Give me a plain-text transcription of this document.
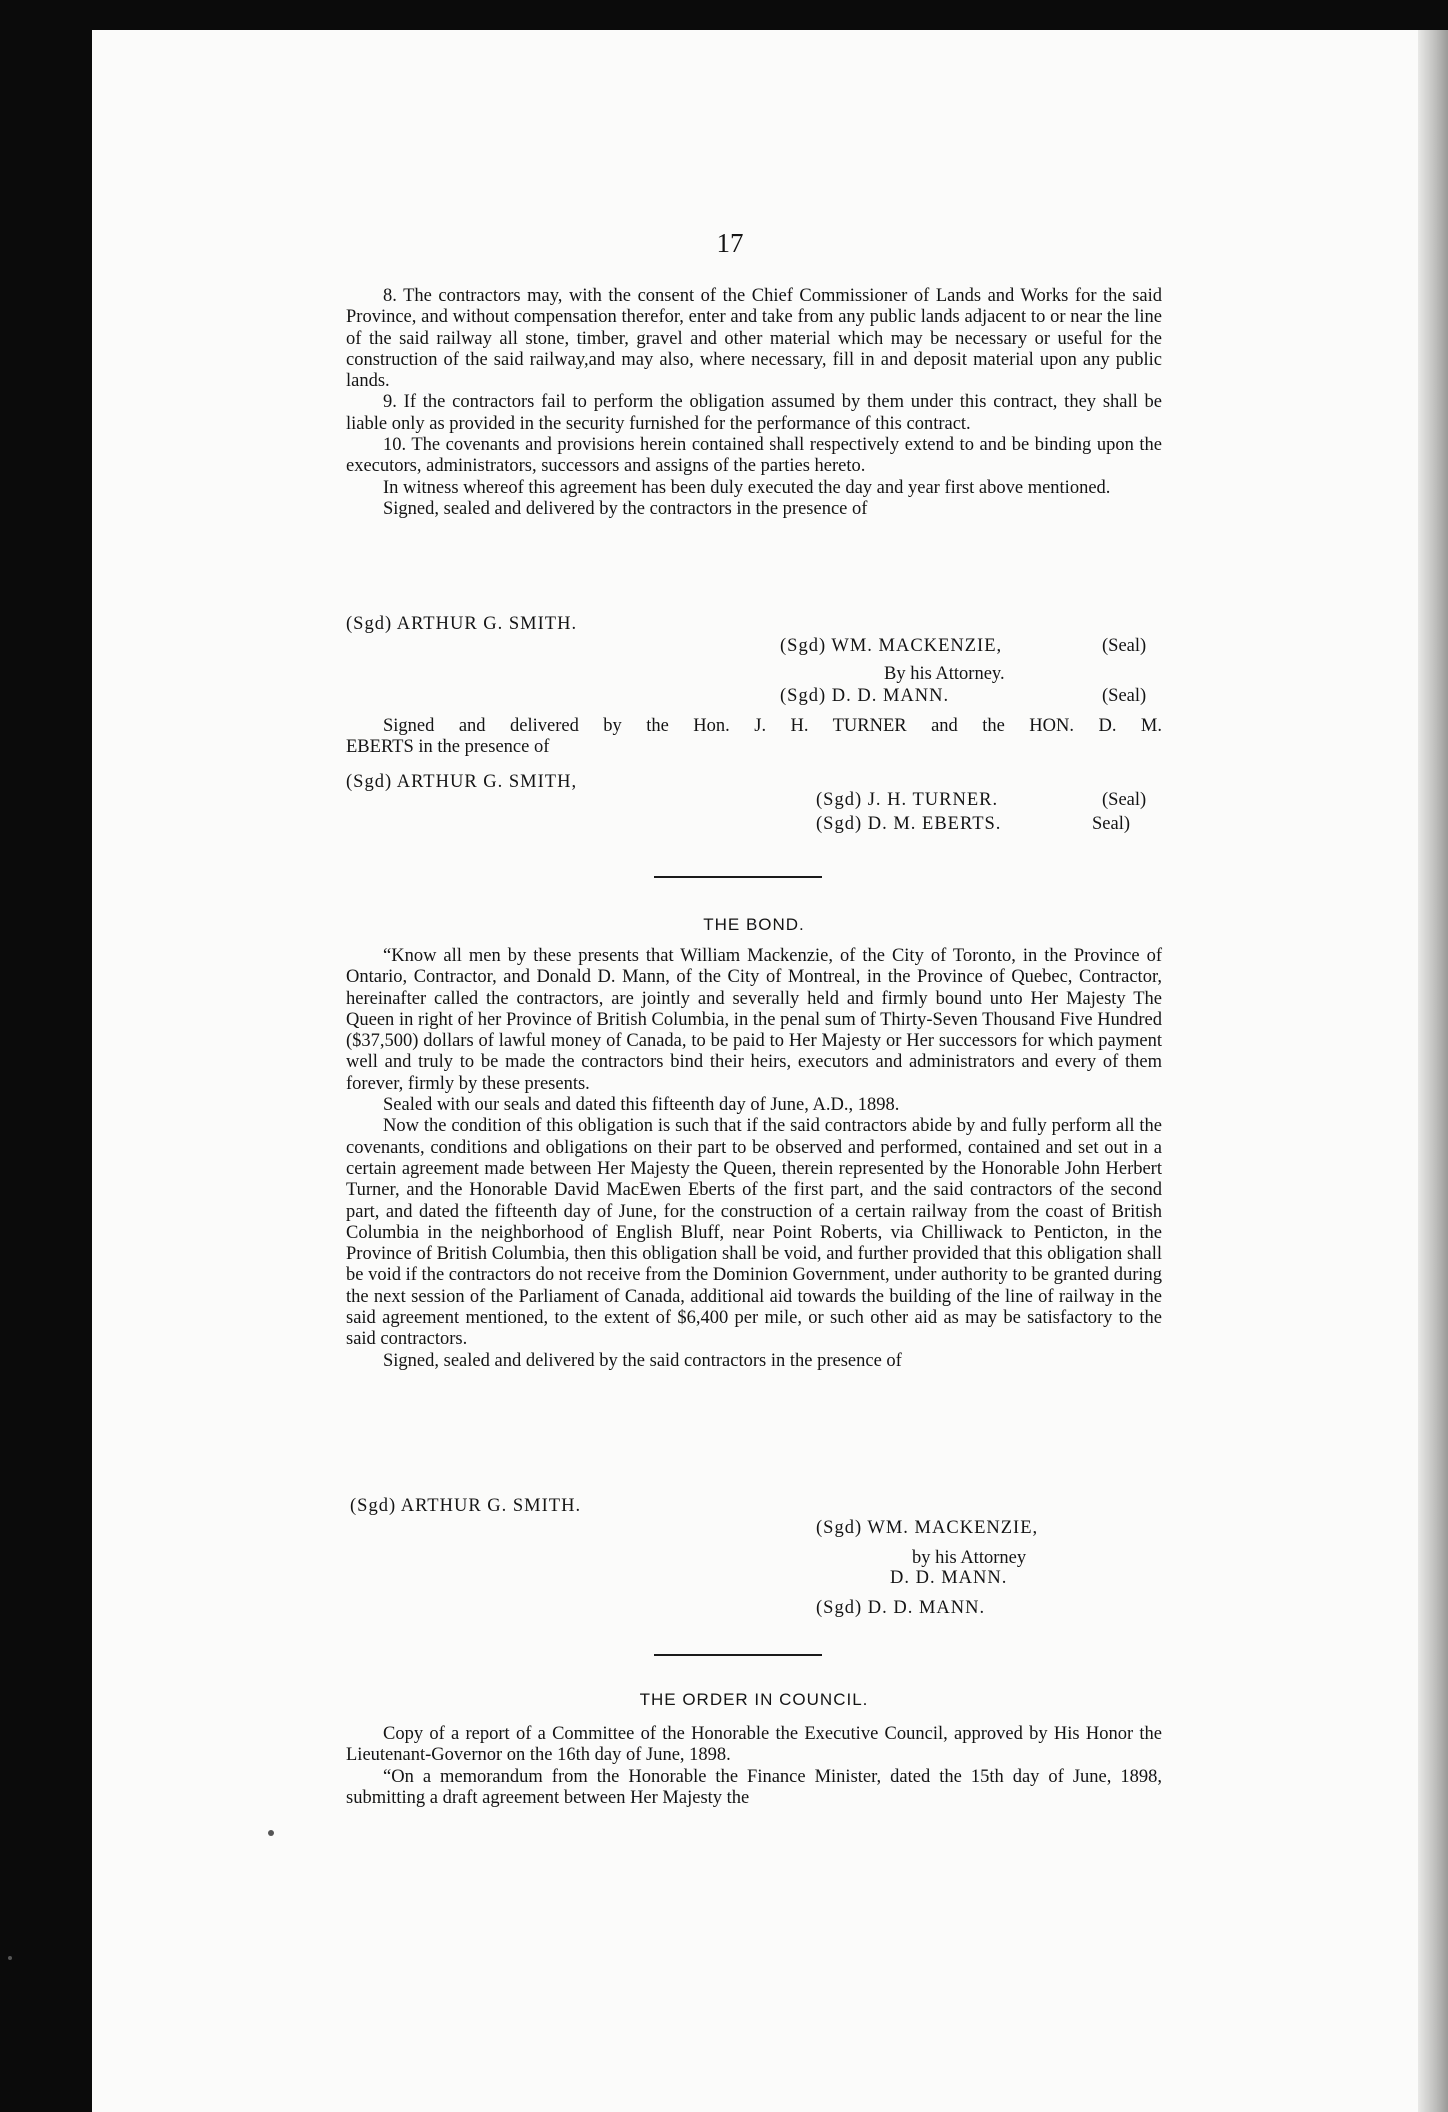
17

8. The contractors may, with the consent of the Chief Commissioner of Lands and Works for the said Province, and without compensation therefor, enter and take from any public lands adjacent to or near the line of the said railway all stone, timber, gravel and other material which may be necessary or useful for the construction of the said railway,and may also, where necessary, fill in and deposit material upon any public lands.

9. If the contractors fail to perform the obligation assumed by them under this contract, they shall be liable only as provided in the security furnished for the performance of this contract.

10. The covenants and provisions herein contained shall respectively extend to and be binding upon the executors, administrators, successors and assigns of the parties hereto.

In witness whereof this agreement has been duly executed the day and year first above mentioned.

Signed, sealed and delivered by the contractors in the presence of

(Sgd) ARTHUR G. SMITH.
(Sgd) WM. MACKENZIE,	(Seal)
By his Attorney.
(Sgd) D. D. MANN.	(Seal)

Signed and delivered by the Hon. J. H. TURNER and the HON. D. M.

EBERTS in the presence of

(Sgd) ARTHUR G. SMITH,
(Sgd) J. H. TURNER.	(Seal)
(Sgd) D. M. EBERTS.	Seal)
THE BOND.

“Know all men by these presents that William Mackenzie, of the City of Toronto, in the Province of Ontario, Contractor, and Donald D. Mann, of the City of Montreal, in the Province of Quebec, Contractor, hereinafter called the contractors, are jointly and severally held and firmly bound unto Her Majesty The Queen in right of her Province of British Columbia, in the penal sum of Thirty-Seven Thousand Five Hundred ($37,500) dollars of lawful money of Canada, to be paid to Her Majesty or Her successors for which payment well and truly to be made the contractors bind their heirs, executors and administrators and every of them forever, firmly by these presents.

Sealed with our seals and dated this fifteenth day of June, A.D., 1898.

Now the condition of this obligation is such that if the said contractors abide by and fully perform all the covenants, conditions and obligations on their part to be observed and performed, contained and set out in a certain agreement made between Her Majesty the Queen, therein represented by the Honorable John Herbert Turner, and the Honorable David MacEwen Eberts of the first part, and the said contractors of the second part, and dated the fifteenth day of June, for the construction of a certain railway from the coast of British Columbia in the neighborhood of English Bluff, near Point Roberts, via Chilliwack to Penticton, in the Province of British Columbia, then this obligation shall be void, and further provided that this obligation shall be void if the contractors do not receive from the Dominion Government, under authority to be granted during the next session of the Parliament of Canada, additional aid towards the building of the line of railway in the said agreement mentioned, to the extent of $6,400 per mile, or such other aid as may be satisfactory to the said contractors.

Signed, sealed and delivered by the said contractors in the presence of

(Sgd) ARTHUR G. SMITH.
(Sgd) WM. MACKENZIE,
by his Attorney
D. D. MANN.
(Sgd) D. D. MANN.
THE ORDER IN COUNCIL.

Copy of a report of a Committee of the Honorable the Executive Council, approved by His Honor the Lieutenant-Governor on the 16th day of June, 1898.

“On a memorandum from the Honorable the Finance Minister, dated the 15th day of June, 1898, submitting a draft agreement between Her Majesty the
